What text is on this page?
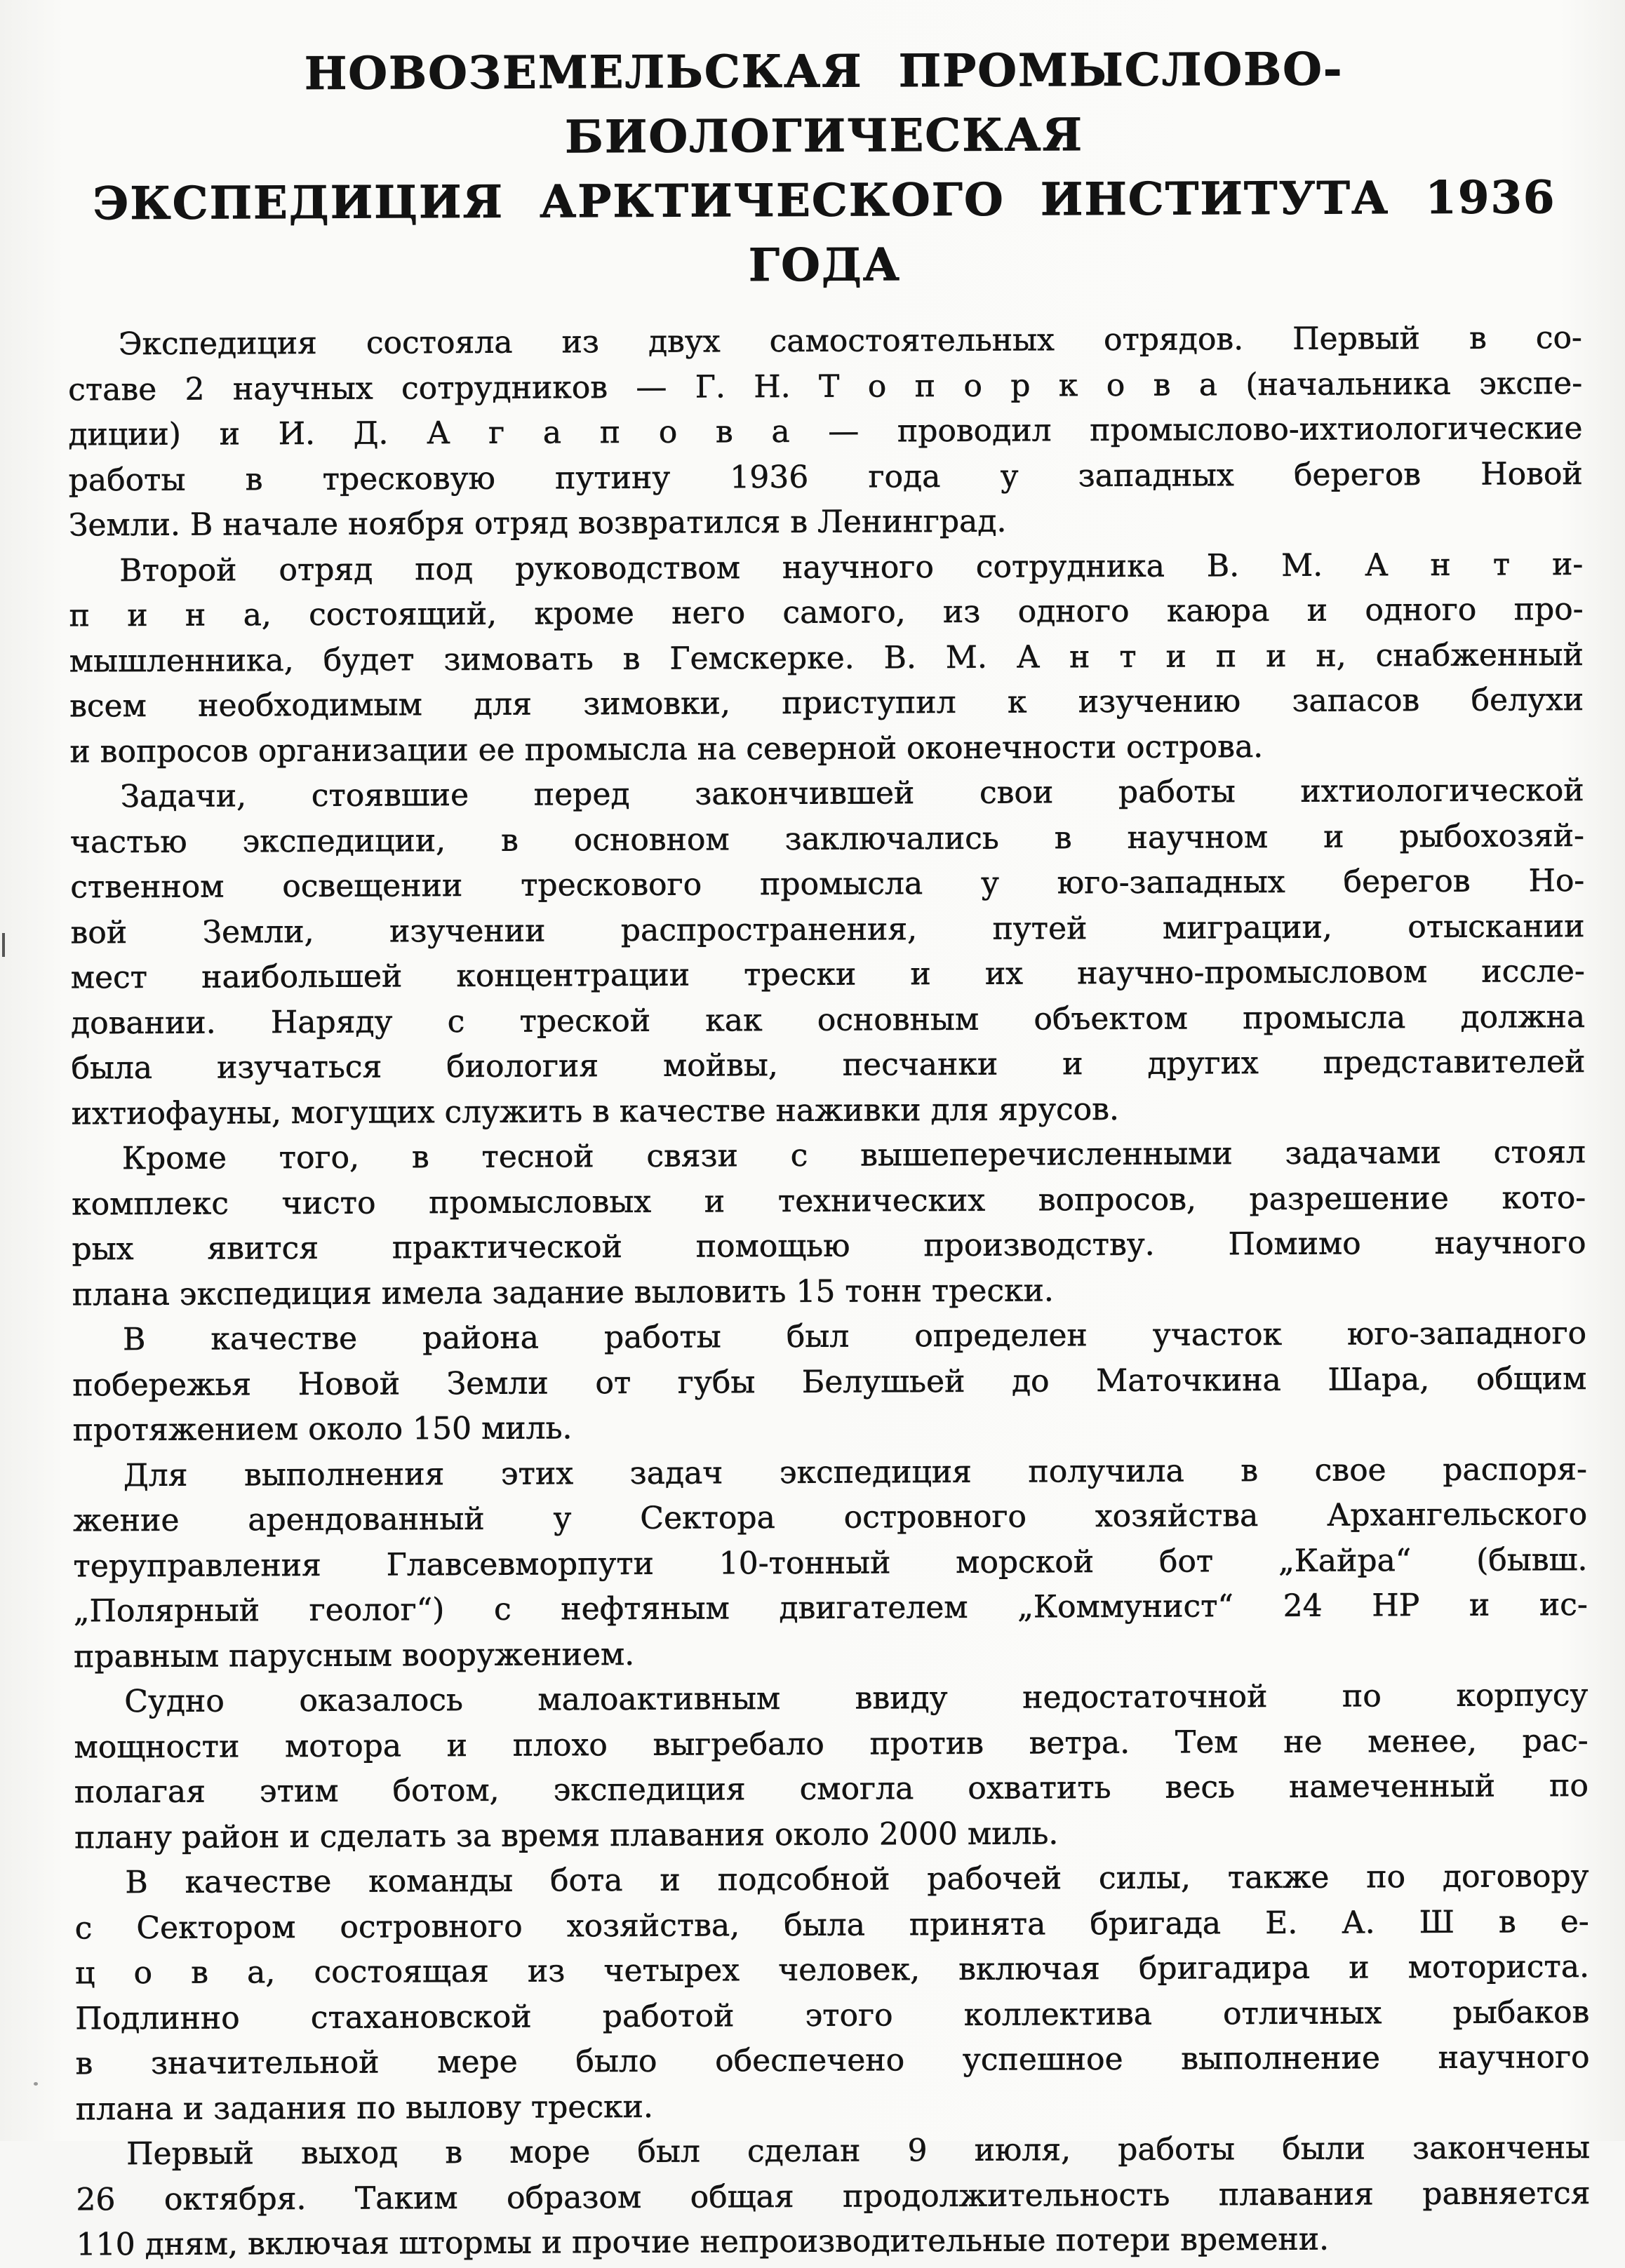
НОВОЗЕМЕЛЬСКАЯ ПРОМЫСЛОВО-БИОЛОГИЧЕСКАЯ
ЭКСПЕДИЦИЯ АРКТИЧЕСКОГО ИНСТИТУТА 1936 ГОДА
Экспедиция состояла из двух самостоятельных отрядов. Первый в со-
ставе 2 научных сотрудников — Г. Н. Т о п о р к о в а (начальника экспе-
диции) и И. Д. А г а п о в а — проводил промыслово-ихтиологические
работы в тресковую путину 1936 года у западных берегов Новой
Земли. В начале ноября отряд возвратился в Ленинград.
Второй отряд под руководством научного сотрудника В. М. А н т и-
п и н а, состоящий, кроме него самого, из одного каюра и одного про-
мышленника, будет зимовать в Гемскерке. В. М. А н т и п и н, снабженный
всем необходимым для зимовки, приступил к изучению запасов белухи
и вопросов организации ее промысла на северной оконечности острова.
Задачи, стоявшие перед закончившей свои работы ихтиологической
частью экспедиции, в основном заключались в научном и рыбохозяй-
ственном освещении трескового промысла у юго-западных берегов Но-
вой Земли, изучении распространения, путей миграции, отыскании
мест наибольшей концентрации трески и их научно-промысловом иссле-
довании. Наряду с треской как основным объектом промысла должна
была изучаться биология мойвы, песчанки и других представителей
ихтиофауны, могущих служить в качестве наживки для ярусов.
Кроме того, в тесной связи с вышеперечисленными задачами стоял
комплекс чисто промысловых и технических вопросов, разрешение кото-
рых явится практической помощью производству. Помимо научного
плана экспедиция имела задание выловить 15 тонн трески.
В качестве района работы был определен участок юго-западного
побережья Новой Земли от губы Белушьей до Маточкина Шара, общим
протяжением около 150 миль.
Для выполнения этих задач экспедиция получила в свое распоря-
жение арендованный у Сектора островного хозяйства Архангельского
теруправления Главсевморпути 10-тонный морской бот „Кайра“ (бывш.
„Полярный геолог“) с нефтяным двигателем „Коммунист“ 24 НР и ис-
правным парусным вооружением.
Судно оказалось малоактивным ввиду недостаточной по корпусу
мощности мотора и плохо выгребало против ветра. Тем не менее, рас-
полагая этим ботом, экспедиция смогла охватить весь намеченный по
плану район и сделать за время плавания около 2000 миль.
В качестве команды бота и подсобной рабочей силы, также по договору
с Сектором островного хозяйства, была принята бригада Е. А. Ш в е-
ц о в а, состоящая из четырех человек, включая бригадира и моториста.
Подлинно стахановской работой этого коллектива отличных рыбаков
в значительной мере было обеспечено успешное выполнение научного
плана и задания по вылову трески.
Первый выход в море был сделан 9 июля, работы были закончены
26 октября. Таким образом общая продолжительность плавания равняется
110 дням, включая штормы и прочие непроизводительные потери времени.
